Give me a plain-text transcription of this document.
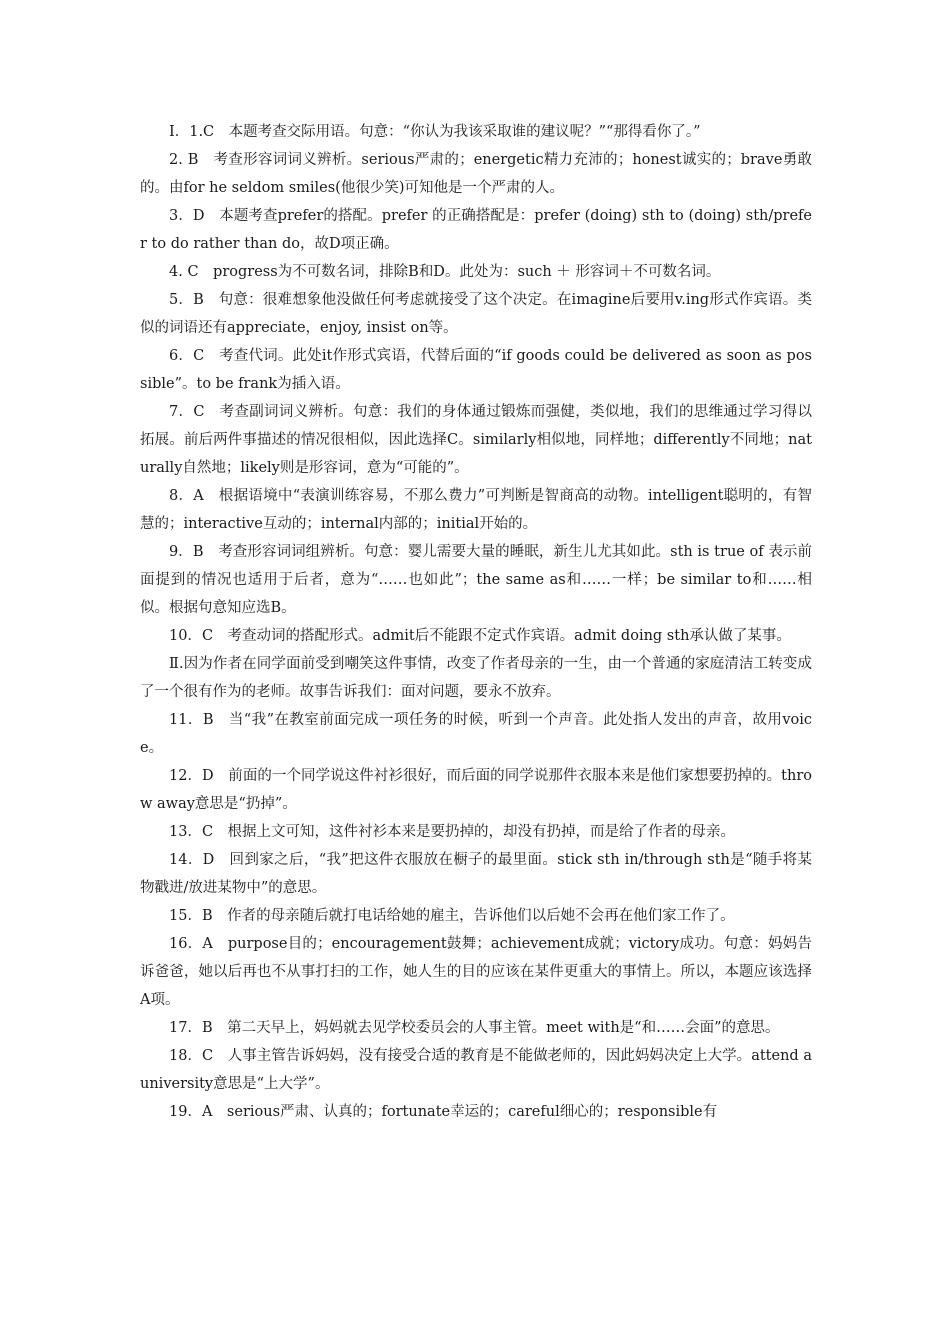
Ⅰ．1.C　本题考查交际用语。句意：“你认为我该采取谁的建议呢？”“那得看你了。”

2. B　考查形容词词义辨析。serious严肃的；energetic精力充沛的；honest诚实的；brave勇敢的。由for he seldom smiles(他很少笑)可知他是一个严肃的人。

3．D　本题考查prefer的搭配。prefer 的正确搭配是：prefer (doing) sth to (doing) sth/prefer to do rather than do，故D项正确。

4. C　progress为不可数名词，排除B和D。此处为：such ＋ 形容词＋不可数名词。

5．B　句意：很难想象他没做任何考虑就接受了这个决定。在imagine后要用v.ing形式作宾语。类似的词语还有appreciate，enjoy, insist on等。

6．C　考查代词。此处it作形式宾语，代替后面的“if goods could be delivered as soon as possible”。to be frank为插入语。

7．C　考查副词词义辨析。句意：我们的身体通过锻炼而强健，类似地，我们的思维通过学习得以拓展。前后两件事描述的情况很相似，因此选择C。similarly相似地，同样地；differently不同地；naturally自然地；likely则是形容词，意为“可能的”。

8．A　根据语境中“表演训练容易，不那么费力”可判断是智商高的动物。intelligent聪明的，有智慧的；interactive互动的；internal内部的；initial开始的。

9．B　考查形容词词组辨析。句意：婴儿需要大量的睡眠，新生儿尤其如此。sth is true of 表示前面提到的情况也适用于后者，意为“……也如此”；the same as和……一样；be similar to和……相似。根据句意知应选B。

10．C　考查动词的搭配形式。admit后不能跟不定式作宾语。admit doing sth承认做了某事。

Ⅱ.因为作者在同学面前受到嘲笑这件事情，改变了作者母亲的一生，由一个普通的家庭清洁工转变成了一个很有作为的老师。故事告诉我们：面对问题，要永不放弃。

11．B　当“我”在教室前面完成一项任务的时候，听到一个声音。此处指人发出的声音，故用voice。

12．D　前面的一个同学说这件衬衫很好，而后面的同学说那件衣服本来是他们家想要扔掉的。throw away意思是“扔掉”。

13．C　根据上文可知，这件衬衫本来是要扔掉的，却没有扔掉，而是给了作者的母亲。

14．D　回到家之后，“我”把这件衣服放在橱子的最里面。stick sth in/through sth是“随手将某物戳进/放进某物中”的意思。

15．B　作者的母亲随后就打电话给她的雇主，告诉他们以后她不会再在他们家工作了。

16．A　purpose目的；encouragement鼓舞；achievement成就；victory成功。句意：妈妈告诉爸爸，她以后再也不从事打扫的工作，她人生的目的应该在某件更重大的事情上。所以，本题应该选择A项。

17．B　第二天早上，妈妈就去见学校委员会的人事主管。meet with是“和……会面”的意思。

18．C　人事主管告诉妈妈，没有接受合适的教育是不能做老师的，因此妈妈决定上大学。attend a university意思是“上大学”。

19．A　serious严肃、认真的；fortunate幸运的；careful细心的；responsible有
